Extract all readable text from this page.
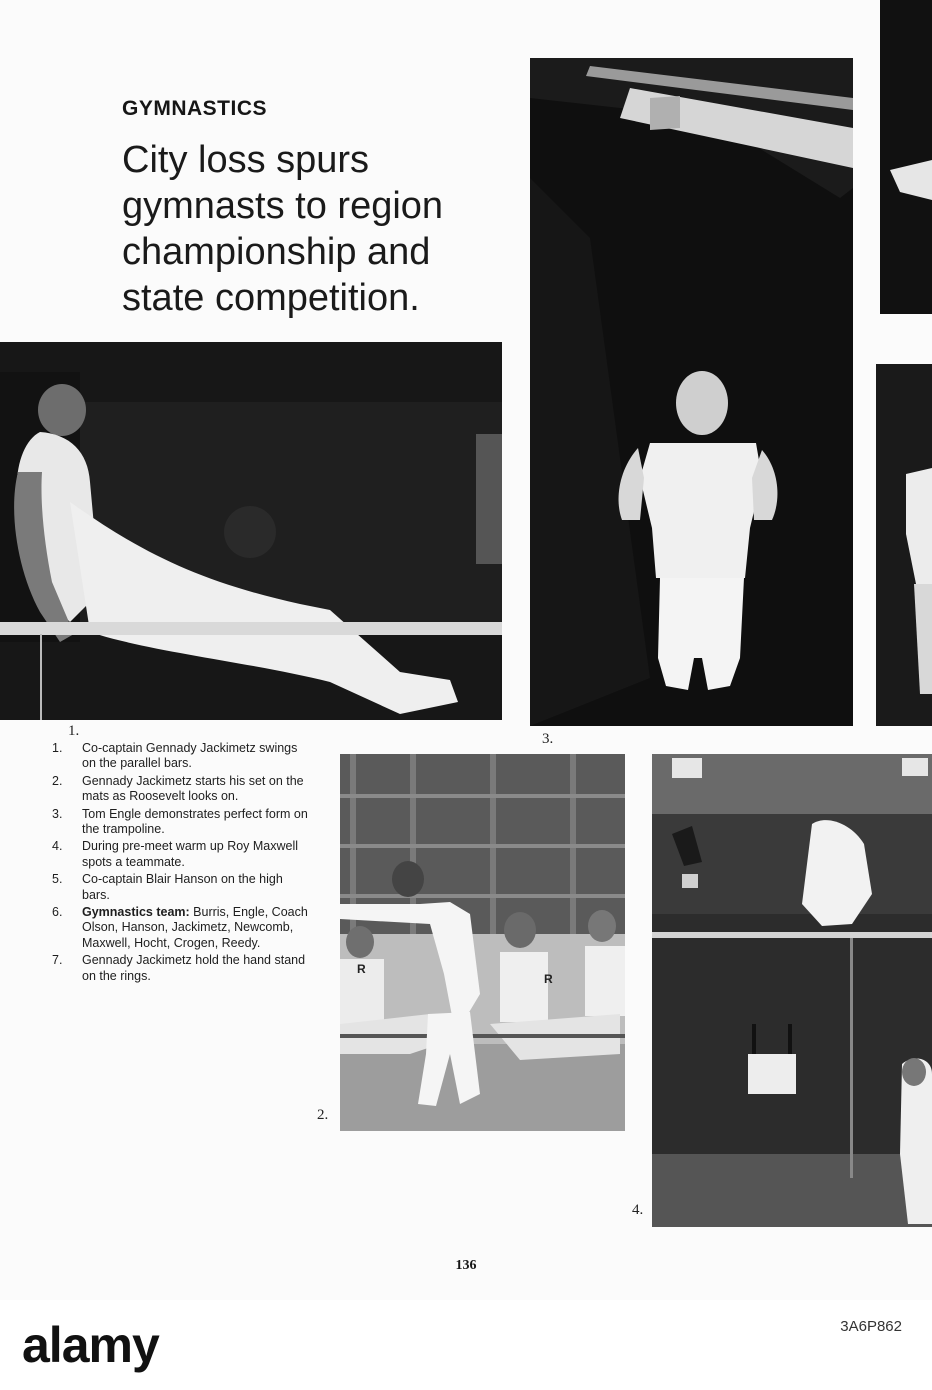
1.	3.
GYMNASTICS
City loss spurs gymnasts to region championship and state competition.
1.	Co-captain Gennady Jackimetz swings on the parallel bars.
2.	Gennady Jackimetz starts his set on the mats as Roosevelt looks on.
3.	Tom Engle demonstrates perfect form on the trampoline.
4.	During pre-meet warm up Roy Maxwell spots a teammate.
5.	Co-captain Blair Hanson on the high bars.
6.	Gymnastics team: Burris, Engle, Coach Olson, Hanson, Jackimetz, Newcomb, Maxwell, Hocht, Crogen, Reedy.
7.	Gennady Jackimetz hold the hand stand on the rings.	R
R
2.
4.
136

alamy	3A6P862
